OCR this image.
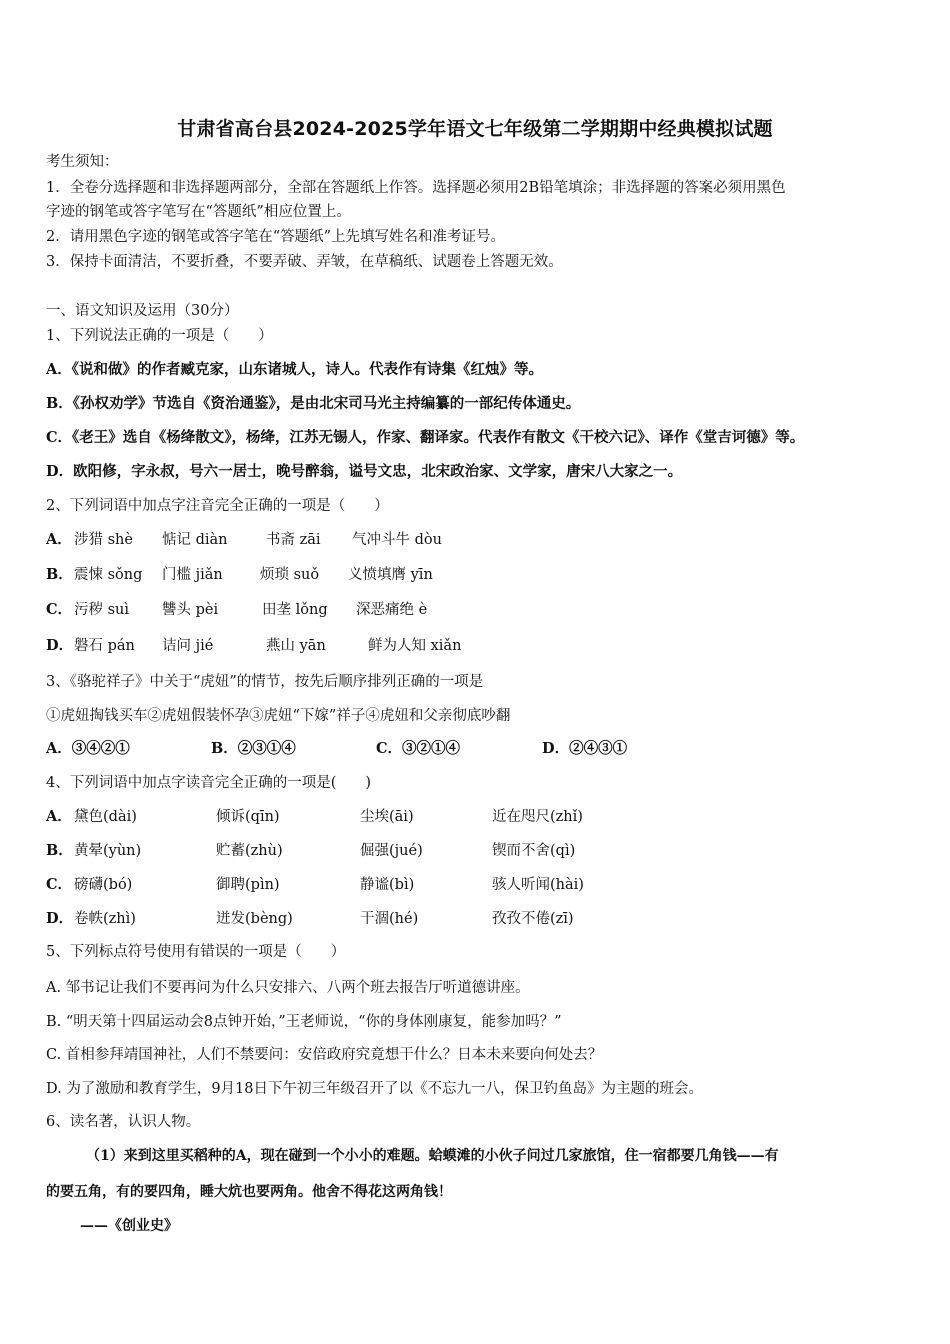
甘肃省高台县2024-2025学年语文七年级第二学期期中经典模拟试题
考生须知：
1．全卷分选择题和非选择题两部分，全部在答题纸上作答。选择题必须用2B铅笔填涂；非选择题的答案必须用黑色
字迹的钢笔或答字笔写在“答题纸”相应位置上。
2．请用黑色字迹的钢笔或答字笔在“答题纸”上先填写姓名和准考证号。
3．保持卡面清洁，不要折叠，不要弄破、弄皱，在草稿纸、试题卷上答题无效。
一、语文知识及运用（30分）
1、下列说法正确的一项是（　　）
A．《说和做》的作者臧克家，山东诸城人，诗人。代表作有诗集《红烛》等。
B．《孙权劝学》节选自《资治通鉴》，是由北宋司马光主持编纂的一部纪传体通史。
C．《老王》选自《杨绛散文》，杨绛，江苏无锡人，作家、翻译家。代表作有散文《干校六记》、译作《堂吉诃德》等。
D．欧阳修，字永叔，号六一居士，晚号醉翁，谥号文忠，北宋政治家、文学家，唐宋八大家之一。
2、下列词语中加点字注音完全正确的一项是（　　）
A． 涉猎 shè 惦记 diàn	书斋 zāi 气冲斗牛 dòu
B． 震悚 sǒng 门槛 jiǎn	烦琐 suǒ 义愤填膺 yīn
C． 污秽 suì 讐头 pèi	田垄 lǒng 深恶痛绝 è
D． 磐石 pán 诘问 jié	燕山 yān	鲜为人知 xiǎn
3、《骆驼祥子》中关于“虎妞”的情节，按先后顺序排列正确的一项是
①虎妞掏钱买车②虎妞假装怀孕③虎妞“下嫁”祥子④虎妞和父亲彻底吵翻
A．③④②①	B．②③①④	C．③②①④	D．②④③①
4、下列词语中加点字读音完全正确的一项是(　　)
A． 黛色(dài)	倾诉(qīn)	尘埃(āi)	近在咫尺(zhǐ)
B． 黄晕(yùn)	贮蓄(zhù)	倔强(jué)	锲而不舍(qì)
C． 磅礴(bó)	御聘(pìn)	静谧(bì)	骇人听闻(hài)
D． 卷帙(zhì)	迸发(bèng)	干涸(hé)	孜孜不倦(zī)
5、下列标点符号使用有错误的一项是（　　）
A. 邹书记让我们不要再问为什么只安排六、八两个班去报告厅听道德讲座。
B. “明天第十四届运动会8点钟开始，”王老师说，“你的身体刚康复，能参加吗？”
C. 首相参拜靖国神社，人们不禁要问：安倍政府究竟想干什么？日本未来要向何处去？
D. 为了激励和教育学生，9月18日下午初三年级召开了以《不忘九一八，保卫钓鱼岛》为主题的班会。
6、读名著，认识人物。
（1）来到这里买稻种的A，现在碰到一个小小的难题。蛤蟆滩的小伙子问过几家旅馆，住一宿都要几角钱——有
的要五角，有的要四角，睡大炕也要两角。他舍不得花这两角钱！
——《创业史》
